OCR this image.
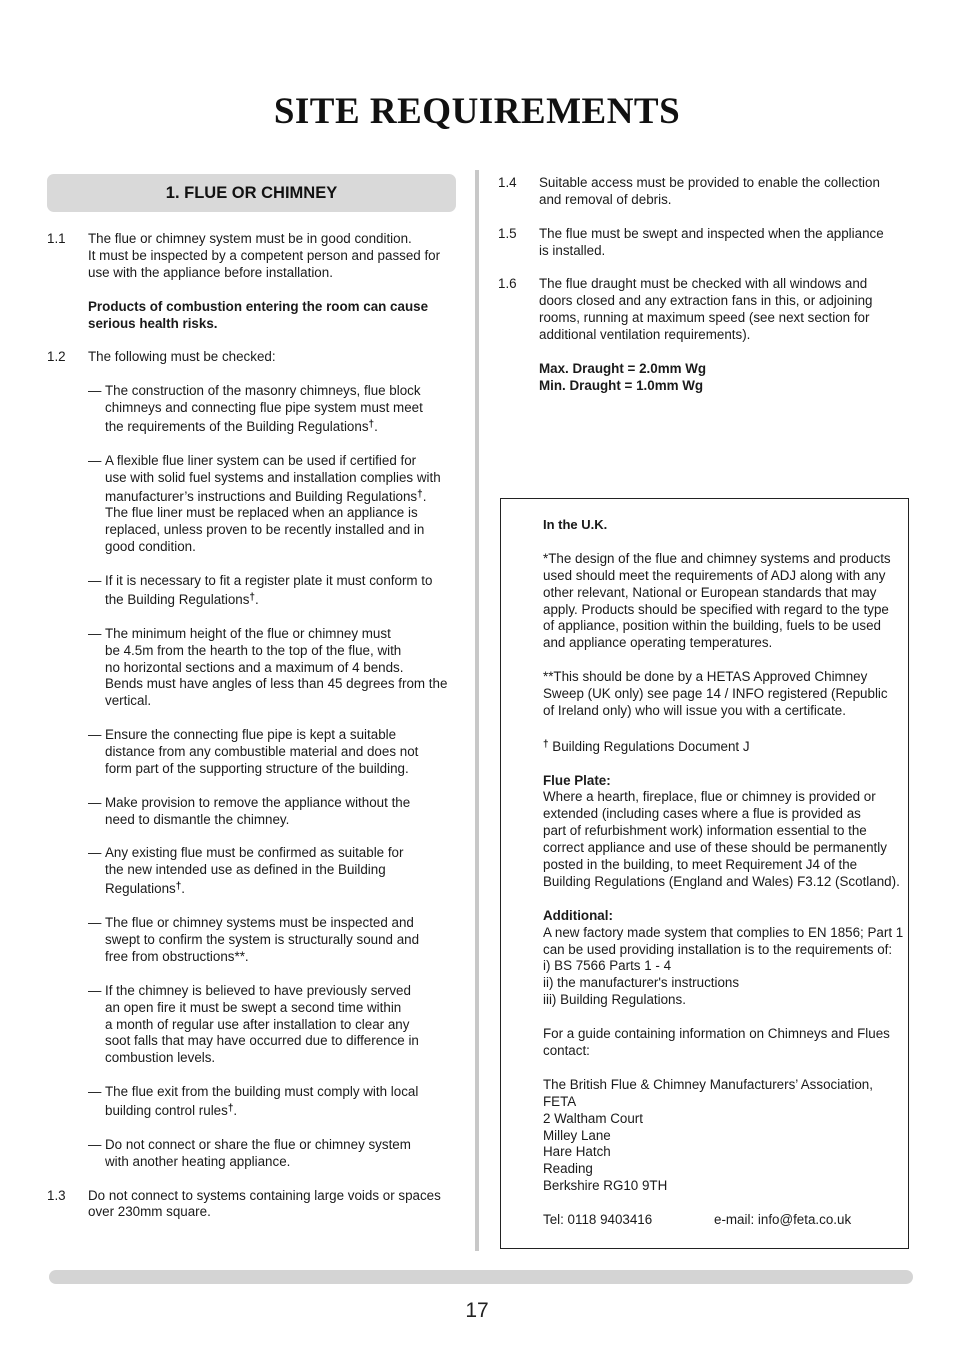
SITE REQUIREMENTS
1. FLUE OR CHIMNEY
1.1 The flue or chimney system must be in good condition.
It must be inspected by a competent person and passed for
use with the appliance before installation.
Products of combustion entering the room can cause
serious health risks.
1.2 The following must be checked:
— The construction of the masonry chimneys, flue block
chimneys and connecting flue pipe system must meet
the requirements of the Building Regulations†.
— A flexible flue liner system can be used if certified for
use with solid fuel systems and installation complies with
manufacturer’s instructions and Building Regulations†.
The flue liner must be replaced when an appliance is
replaced, unless proven to be recently installed and in
good condition.
— If it is necessary to fit a register plate it must conform to
the Building Regulations†.
— The minimum height of the flue or chimney must
be 4.5m from the hearth to the top of the flue, with
no horizontal sections and a maximum of 4 bends.
Bends must have angles of less than 45 degrees from the
vertical.
— Ensure the connecting flue pipe is kept a suitable
distance from any combustible material and does not
form part of the supporting structure of the building.
— Make provision to remove the appliance without the
need to dismantle the chimney.
— Any existing flue must be confirmed as suitable for
the new intended use as defined in the Building
Regulations†.
— The flue or chimney systems must be inspected and
swept to confirm the system is structurally sound and
free from obstructions**.
— If the chimney is believed to have previously served
an open fire it must be swept a second time within
a month of regular use after installation to clear any
soot falls that may have occurred due to difference in
combustion levels.
— The flue exit from the building must comply with local
building control rules†.
— Do not connect or share the flue or chimney system
with another heating appliance.
1.3 Do not connect to systems containing large voids or spaces
over 230mm square.
1.4 Suitable access must be provided to enable the collection
and removal of debris.
1.5 The flue must be swept and inspected when the appliance
is installed.
1.6 The flue draught must be checked with all windows and
doors closed and any extraction fans in this, or adjoining
rooms, running at maximum speed (see next section for
additional ventilation requirements).
Max. Draught = 2.0mm Wg
Min. Draught = 1.0mm Wg
In the U.K.
*The design of the flue and chimney systems and products
used should meet the requirements of ADJ along with any
other relevant, National or European standards that may
apply. Products should be specified with regard to the type
of appliance, position within the building, fuels to be used
and appliance operating temperatures.
**This should be done by a HETAS Approved Chimney
Sweep (UK only) see page 14 / INFO registered (Republic
of Ireland only) who will issue you with a certificate.
† Building Regulations Document J
Flue Plate:
Where a hearth, fireplace, flue or chimney is provided or
extended (including cases where a flue is provided as
part of refurbishment work) information essential to the
correct appliance and use of these should be permanently
posted in the building, to meet Requirement J4 of the
Building Regulations (England and Wales) F3.12 (Scotland).
Additional:
A new factory made system that complies to EN 1856; Part 1
can be used providing installation is to the requirements of:
i) BS 7566 Parts 1 - 4
ii) the manufacturer's instructions
iii) Building Regulations.
For a guide containing information on Chimneys and Flues
contact:
The British Flue & Chimney Manufacturers’ Association,
FETA
2 Waltham Court
Milley Lane
Hare Hatch
Reading
Berkshire RG10 9TH
Tel: 0118 9403416	e-mail: info@feta.co.uk
17
